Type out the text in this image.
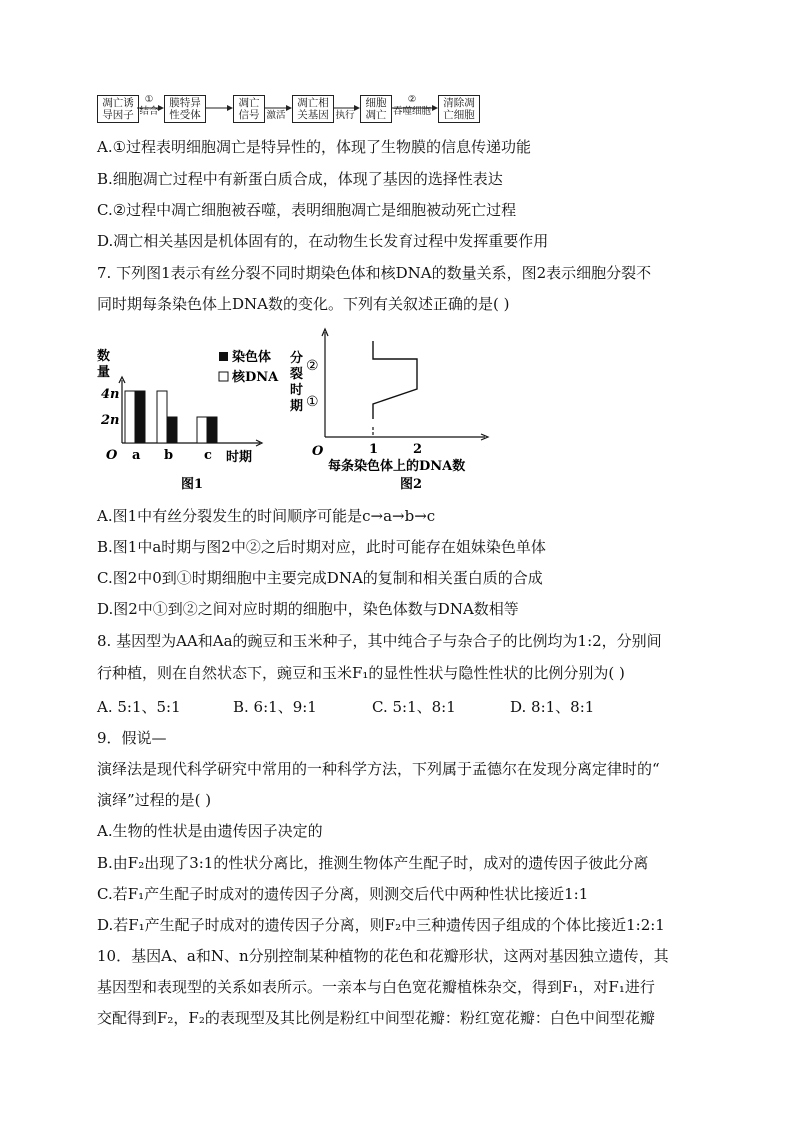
凋亡诱
导因子
①
结合
膜特异
性受体
凋亡
信号 激活
凋亡相
关基因 执行
细胞
凋亡
②
吞噬细胞
清除凋
亡细胞
A.①过程表明细胞凋亡是特异性的，体现了生物膜的信息传递功能
B.细胞凋亡过程中有新蛋白质合成，体现了基因的选择性表达
C.②过程中凋亡细胞被吞噬，表明细胞凋亡是细胞被动死亡过程
D.凋亡相关基因是机体固有的，在动物生长发育过程中发挥重要作用
7. 下列图1表示有丝分裂不同时期染色体和核DNA的数量关系，图2表示细胞分裂不
同时期每条染色体上DNA数的变化。下列有关叙述正确的是( )
数
量
4n
2n
O a b c 时期
染色体
核DNA
图1
分
裂
时
期
②
①
O	1	2
每条染色体上的DNA数
图2
A.图1中有丝分裂发生的时间顺序可能是c→a→b→c
B.图1中a时期与图2中②之后时期对应，此时可能存在姐妹染色单体
C.图2中0到①时期细胞中主要完成DNA的复制和相关蛋白质的合成
D.图2中①到②之间对应时期的细胞中，染色体数与DNA数相等
8. 基因型为AA和Aa的豌豆和玉米种子，其中纯合子与杂合子的比例均为1:2，分别间
行种植，则在自然状态下，豌豆和玉米F₁的显性性状与隐性性状的比例分别为( )
A. 5:1、5:1	B. 6:1、9:1	C. 5:1、8:1	D. 8:1、8:1
9．假说—
演绎法是现代科学研究中常用的一种科学方法，下列属于孟德尔在发现分离定律时的“
演绎”过程的是( )
A.生物的性状是由遗传因子决定的
B.由F₂出现了3:1的性状分离比，推测生物体产生配子时，成对的遗传因子彼此分离
C.若F₁产生配子时成对的遗传因子分离，则测交后代中两种性状比接近1:1
D.若F₁产生配子时成对的遗传因子分离，则F₂中三种遗传因子组成的个体比接近1:2:1
10．基因A、a和N、n分别控制某种植物的花色和花瓣形状，这两对基因独立遗传，其
基因型和表现型的关系如表所示。一亲本与白色宽花瓣植株杂交，得到F₁，对F₁进行
交配得到F₂，F₂的表现型及其比例是粉红中间型花瓣：粉红宽花瓣：白色中间型花瓣
